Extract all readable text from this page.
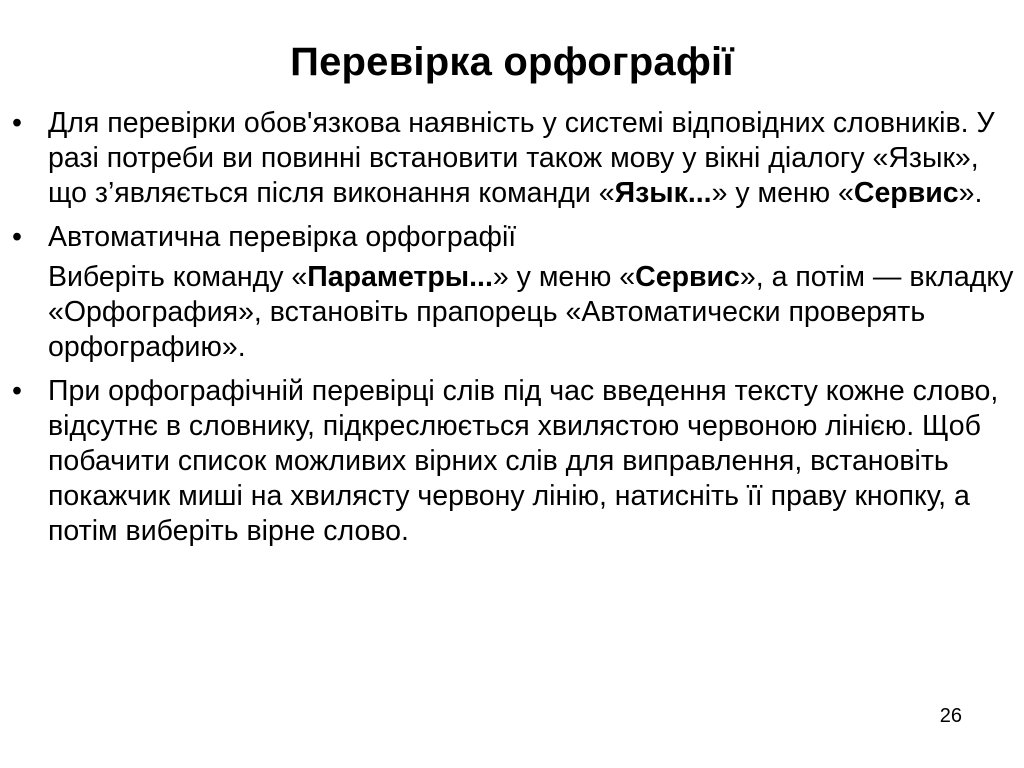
Перевірка орфографії
• Для перевірки обов'язкова наявність у системі відповідних словників. У разі потреби ви повинні встановити також мову у вікні діалогу «Язык», що з’являється після виконання команди «Язык...» у меню «Сервис».
• Автоматична перевірка орфографії
Виберіть команду «Параметры...» у меню «Сервис», а потім — вкладку «Орфография», встановіть прапорець «Автоматически проверять орфографию».
• При орфографічній перевірці слів під час введення тексту кожне слово, відсутнє в словнику, підкреслюється хвилястою червоною лінією. Щоб побачити список можливих вірних слів для виправлення, встановіть покажчик миші на хвилясту червону лінію, натисніть її праву кнопку, а потім виберіть вірне слово.
26
